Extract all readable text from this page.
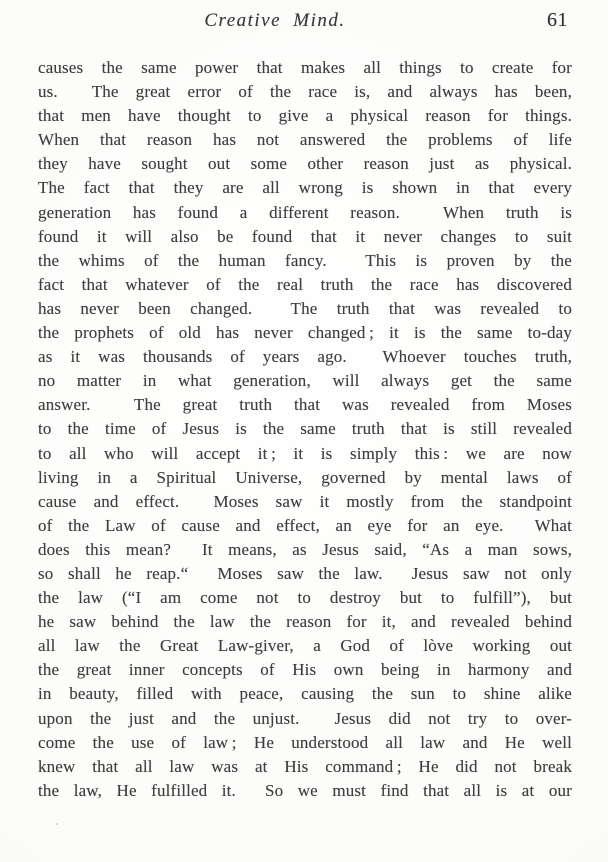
Creative Mind.	61
causes the same power that makes all things to create for
us.  The great error of the race is, and always has been,
that men have thought to give a physical reason for things.
When that reason has not answered the problems of life
they have sought out some other reason just as physical.
The fact that they are all wrong is shown in that every
generation has found a different reason.  When truth is
found it will also be found that it never changes to suit
the whims of the human fancy.  This is proven by the
fact that whatever of the real truth the race has discovered
has never been changed.  The truth that was revealed to
the prophets of old has never changed ; it is the same to-day
as it was thousands of years ago.  Whoever touches truth,
no matter in what generation, will always get the same
answer.  The great truth that was revealed from Moses
to the time of Jesus is the same truth that is still revealed
to all who will accept it ; it is simply this : we are now
living in a Spiritual Universe, governed by mental laws of
cause and effect.  Moses saw it mostly from the standpoint
of the Law of cause and effect, an eye for an eye.  What
does this mean?  It means, as Jesus said, “As a man sows,
so shall he reap.“  Moses saw the law.  Jesus saw not only
the law (“I am come not to destroy but to fulfill”), but
he saw behind the law the reason for it, and revealed behind
all law the Great Law-giver, a God of lòve working out
the great inner concepts of His own being in harmony and
in beauty, filled with peace, causing the sun to shine alike
upon the just and the unjust.  Jesus did not try to over-
come the use of law ; He understood all law and He well
knew that all law was at His command ; He did not break
the law, He fulfilled it.  So we must find that all is at our
